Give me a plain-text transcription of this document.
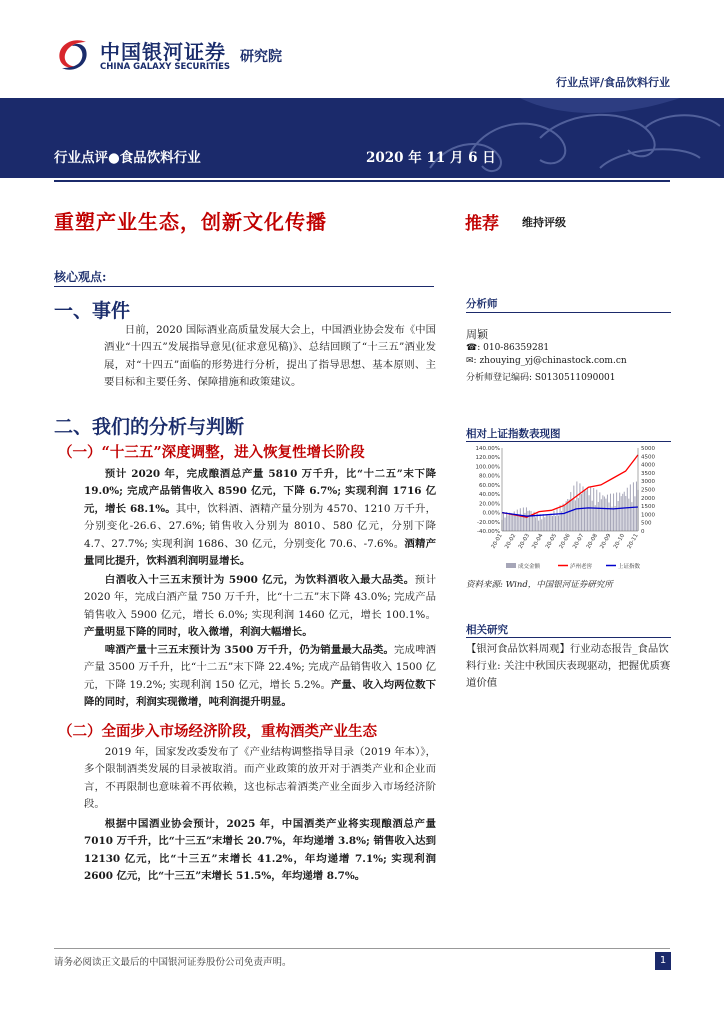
中国银河证券 研究院
CHINA GALAXY SECURITIES
行业点评/食品饮料行业
行业点评●食品饮料行业	2020 年 11 月 6 日
重塑产业生态，创新文化传播	推荐 维持评级
核心观点:
一、事件

日前，2020 国际酒业高质量发展大会上，中国酒业协会发布《中国酒业“十四五”发展指导意见(征求意见稿)》、总结回顾了“十三五”酒业发展，对“十四五”面临的形势进行分析，提出了指导思想、基本原则、主要目标和主要任务、保障措施和政策建议。

二、我们的分析与判断
（一）“十三五”深度调整，进入恢复性增长阶段

预计 2020 年，完成酿酒总产量 5810 万千升，比“十二五”末下降 19.0%; 完成产品销售收入 8590 亿元，下降 6.7%; 实现利润 1716 亿元，增长 68.1%。其中，饮料酒、酒精产量分别为 4570、1210 万千升，分别变化-26.6、27.6%; 销售收入分别为 8010、580 亿元，分别下降 4.7、27.7%; 实现利润 1686、30 亿元，分别变化 70.6、-7.6%。酒精产量同比提升，饮料酒利润明显增长。

白酒收入十三五末预计为 5900 亿元，为饮料酒收入最大品类。预计 2020 年，完成白酒产量 750 万千升，比“十二五”末下降 43.0%; 完成产品销售收入 5900 亿元，增长 6.0%; 实现利润 1460 亿元，增长 100.1%。产量明显下降的同时，收入微增，利润大幅增长。

啤酒产量十三五末预计为 3500 万千升，仍为销量最大品类。完成啤酒产量 3500 万千升，比“十二五”末下降 22.4%; 完成产品销售收入 1500 亿元，下降 19.2%; 实现利润 150 亿元，增长 5.2%。产量、收入均两位数下降的同时，利润实现微增，吨利润提升明显。

（二）全面步入市场经济阶段，重构酒类产业生态

2019 年，国家发改委发布了《产业结构调整指导目录（2019 年本）》，多个限制酒类发展的目录被取消。而产业政策的放开对于酒类产业和企业而言，不再限制也意味着不再依赖，这也标志着酒类产业全面步入市场经济阶段。

根据中国酒业协会预计，2025 年，中国酒类产业将实现酿酒总产量 7010 万千升，比“十三五”末增长 20.7%，年均递增 3.8%; 销售收入达到 12130 亿元，比“十三五”末增长 41.2%，年均递增 7.1%; 实现利润 2600 亿元，比“十三五”末增长 51.5%，年均递增 8.7%。

分析师
周颖
☎: 010-86359281
✉: zhouying_yj@chinastock.com.cn
分析师登记编码: S0130511090001
相对上证指数表现图
140.00%
120.00%
100.00%
80.00%
60.00%
40.00%
20.00%
0.00%
-20.00%
-40.00%
5000
4500
4000
3500
3000
2500
2000
1500
1000
500
0
20-01 20-02 20-03 20-04 20-05 20-06 20-07 20-08 20-09 20-10 20-11
成交金额	泸州老窖	上证指数
资料来源: Wind，中国银河证券研究所
相关研究
【银河食品饮料周观】行业动态报告_食品饮料行业: 关注中秋国庆表现驱动，把握优质赛道价值
请务必阅读正文最后的中国银河证券股份公司免责声明。	1
